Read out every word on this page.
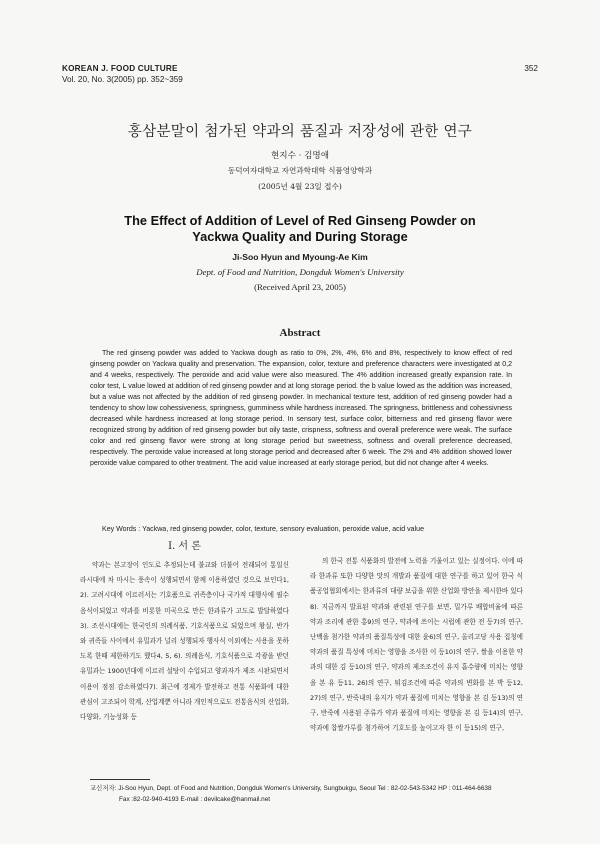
KOREAN J. FOOD CULTURE
Vol. 20, No. 3(2005) pp. 352~359
352
홍삼분말이 첨가된 약과의 품질과 저장성에 관한 연구
현지수 · 김명애
동덕여자대학교 자연과학대학 식품영양학과
(2005년 4월 23일 접수)
The Effect of Addition of Level of Red Ginseng Powder on
Yackwa Quality and During Storage
Ji-Soo Hyun and Myoung-Ae Kim
Dept. of Food and Nutrition, Dongduk Women's University
(Received April 23, 2005)
Abstract
The red ginseng powder was added to Yackwa dough as ratio to 0%, 2%, 4%, 6% and 8%, respectively to know effect of red ginseng powder on Yackwa quality and preservation. The expansion, color, texture and preference characters were investigated at 0,2 and 4 weeks, respectively. The peroxide and acid value were also measured. The 4% addition increased greatly expansion rate. In color test, L value lowed at addition of red ginseng powder and at long storage period. the b value lowed as the addition was increased, but a value was not affected by the addition of red ginseng powder. In mechanical texture test, addition of red ginseng powder had a tendency to show low cohessiveness, springness, gumminess while hardness increased. The springness, brittleness and cohessivness decreased while hardness increased at long storage period. In sensory test, surface color, bitterness and red ginseng flavor were recognized strong by addition of red ginseng powder but oily taste, crispness, softness and overall preference were weak. The surface color and red ginseng flavor were strong at long storage period but sweetness, softness and overall preference decreased, respectively. The peroxide value increased at long storage period and decreased after 6 week. The 2% and 4% addition showed lower peroxide value compared to other treatment. The acid value increased at early storage period, but did not change after 4 weeks.
Key Words : Yackwa, red ginseng powder, color, texture, sensory evaluation, peroxide value, acid value
I. 서 론

약과는 본고장이 인도로 추정되는데 불교와 더불어 전래되어 통일신라시대에 차 마시는 풍속이 성행되면서 함께 이용하였던 것으로 보인다1, 2). 고려시대에 이르러서는 기호품으로 귀족층이나 국가적 대행사에 필수음식이되었고 약과를 비롯한 미곡으로 만든 한과류가 고도로 발달하였다3). 조선시대에는 한국인의 의례식품, 기호식품으로 되었으며 왕실, 반가와 귀족들 사이에서 유밀과가 널리 성행되자 행사식 이외에는 사용을 못하도록 한때 제한하기도 했다4, 5, 6). 의례음식, 기호식품으로 각광을 받던 유밀과는 1900년대에 이르러 설탕이 수입되고 양과자가 제조 시판되면서 이용이 점점 감소하였다7). 최근에 경제가 발전하고 전통 식품화에 대한 관심이 고조되어 학계, 산업계뿐 아니라 개인적으로도 전통음식의 산업화, 다양화, 기능성화 등

의 한국 전통 식품화의 발전에 노력을 기울이고 있는 실정이다. 이에 따라 한과류 또한 다양한 맛의 개발과 품질에 대한 연구를 하고 있어 한국 식품공업협회에서는 한과류의 대량 보급을 위한 산업화 방안을 제시한바 있다8). 지금까지 발표된 약과와 관련된 연구를 보면, 밀가루 배합비율에 따른 약과 조리에 관한 홍9)의 연구, 약과에 쓰이는 시럽에 관한 전 등7)의 연구, 난백을 첨가한 약과의 품질특성에 대한 윤6)의 연구, 올리고당 사용 집청에 약과의 품질 특성에 미치는 영향을 조사한 이 등10)의 연구, 쌀을 이용한 약과의 대한 김 등10)의 연구, 약과의 제조조건이 유지 흡수량에 미치는 영향을 본 유 등11, 26)의 연구, 튀김조건에 따른 약과의 변화를 본 박 등12, 27)의 연구, 반죽내의 유지가 약과 품질에 미치는 영향을 본 김 등13)의 연구, 반죽에 사용된 주류가 약과 품질에 미치는 영향을 본 김 등14)의 연구, 약과에 찹쌀가루를 첨가하여 기호도를 높이고자 한 이 등15)의 연구,

교신저자: Ji-Soo Hyun, Dept. of Food and Nutrition, Dongduk Women's University, Sungbukgu, Seoul Tel : 82-02-543-5342 HP : 011-464-6638
Fax :82-02-940-4193 E-mail : devilcake@hanmail.net
